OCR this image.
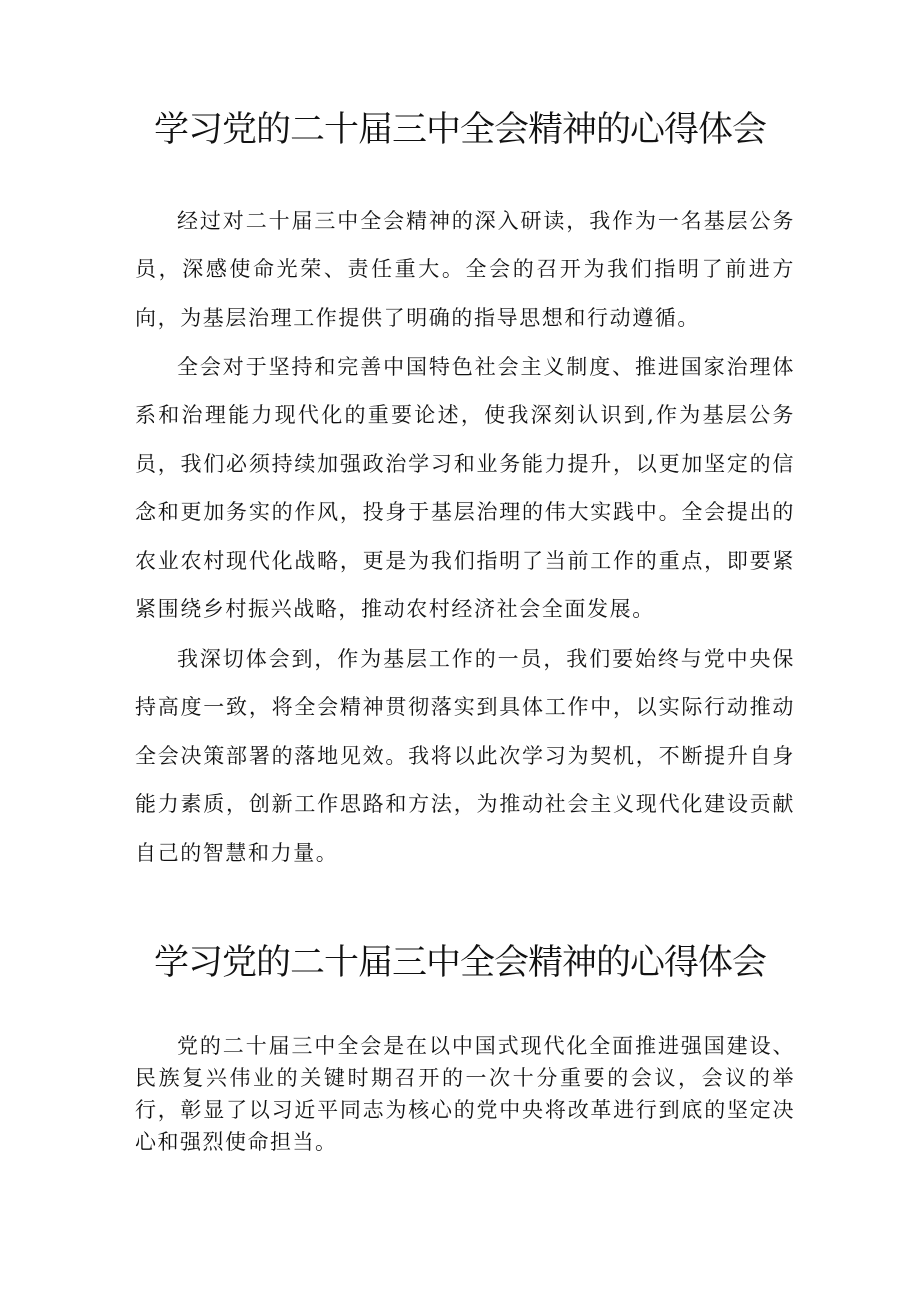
学习党的二十届三中全会精神的心得体会

经过对二十届三中全会精神的深入研读，我作为一名基层公务员，深感使命光荣、责任重大。全会的召开为我们指明了前进方向，为基层治理工作提供了明确的指导思想和行动遵循。

全会对于坚持和完善中国特色社会主义制度、推进国家治理体系和治理能力现代化的重要论述，使我深刻认识到,作为基层公务员，我们必须持续加强政治学习和业务能力提升，以更加坚定的信念和更加务实的作风，投身于基层治理的伟大实践中。全会提出的农业农村现代化战略，更是为我们指明了当前工作的重点，即要紧紧围绕乡村振兴战略，推动农村经济社会全面发展。

我深切体会到，作为基层工作的一员，我们要始终与党中央保持高度一致，将全会精神贯彻落实到具体工作中，以实际行动推动全会决策部署的落地见效。我将以此次学习为契机，不断提升自身能力素质，创新工作思路和方法，为推动社会主义现代化建设贡献自己的智慧和力量。

学习党的二十届三中全会精神的心得体会

党的二十届三中全会是在以中国式现代化全面推进强国建设、民族复兴伟业的关键时期召开的一次十分重要的会议，会议的举行，彰显了以习近平同志为核心的党中央将改革进行到底的坚定决心和强烈使命担当。
